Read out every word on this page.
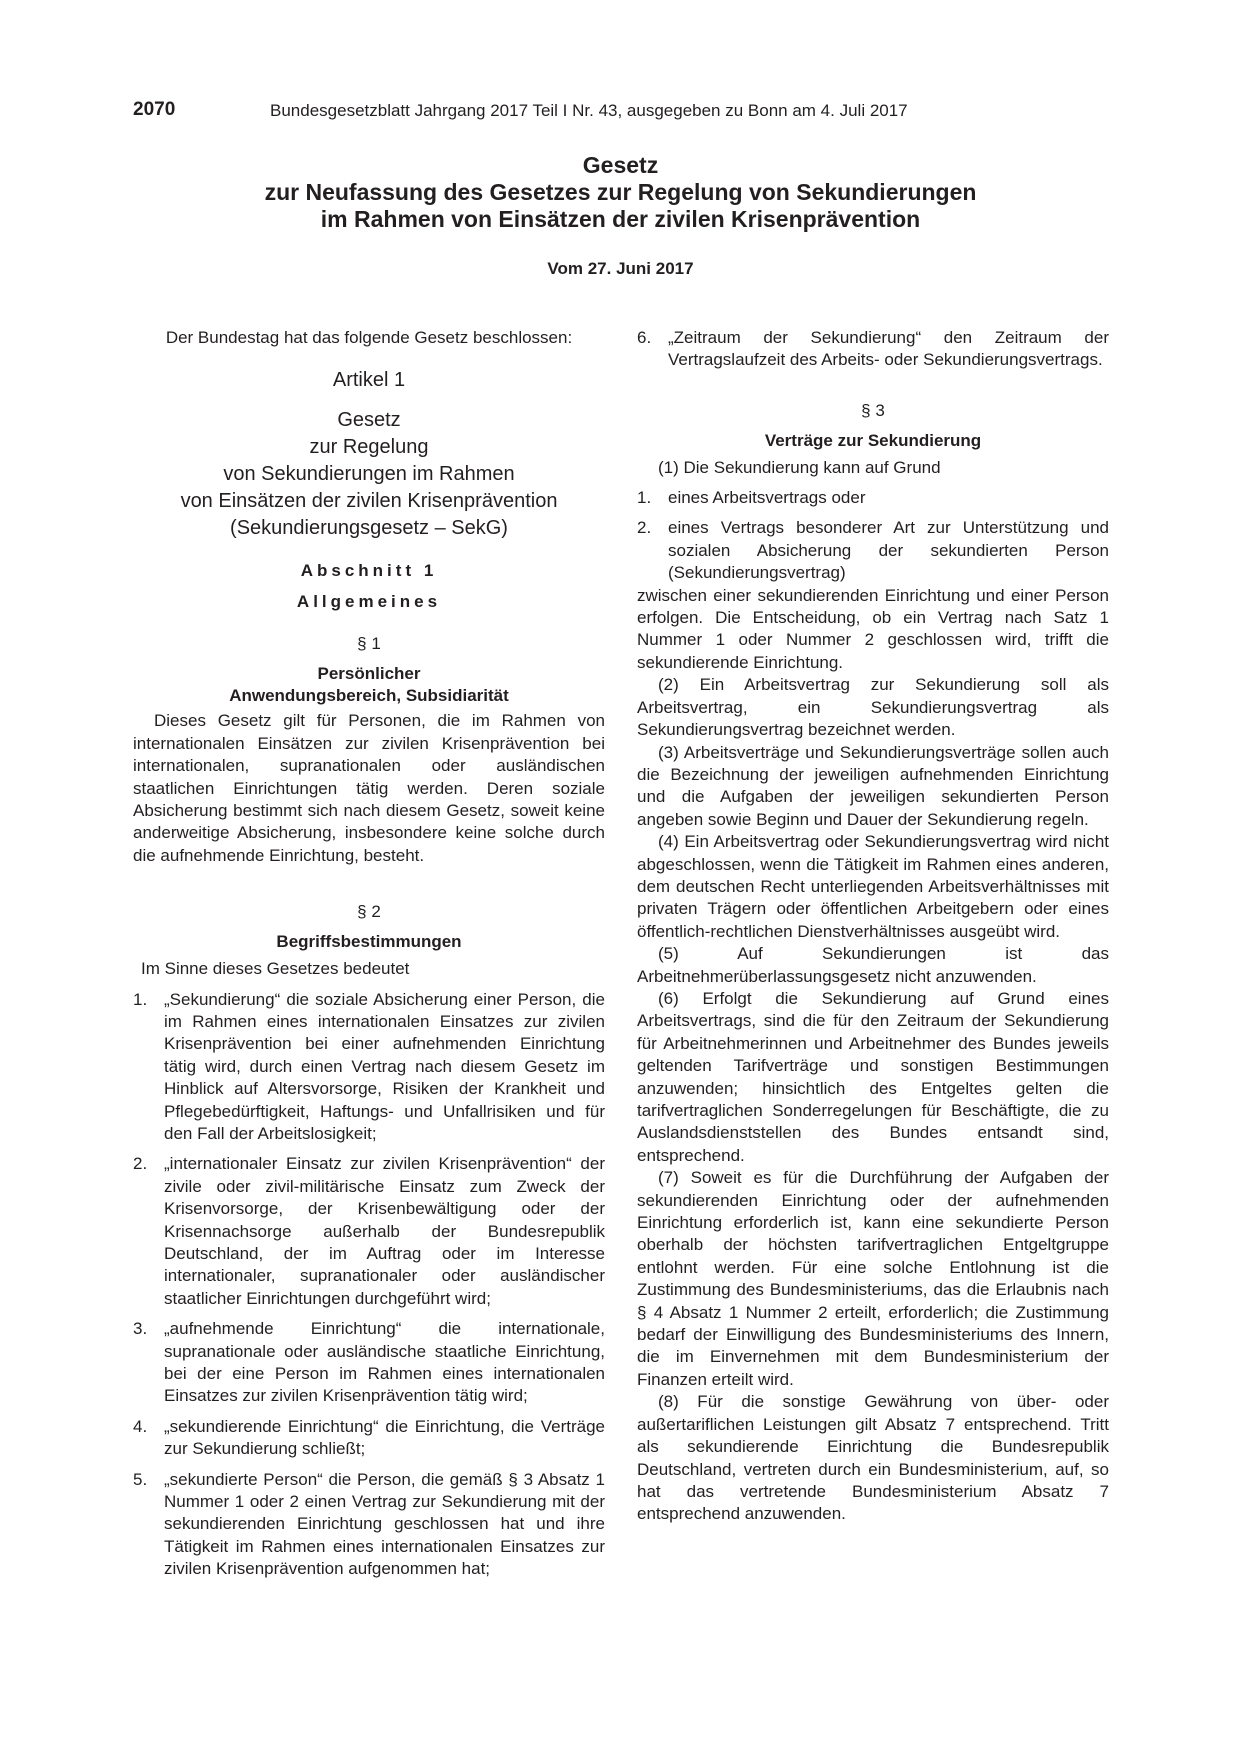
2070	Bundesgesetzblatt Jahrgang 2017 Teil I Nr. 43, ausgegeben zu Bonn am 4. Juli 2017
Gesetz
zur Neufassung des Gesetzes zur Regelung von Sekundierungen
im Rahmen von Einsätzen der zivilen Krisenprävention
Vom 27. Juni 2017

Der Bundestag hat das folgende Gesetz beschlossen:

Artikel 1

Gesetz

zur Regelung

von Sekundierungen im Rahmen

von Einsätzen der zivilen Krisenprävention

(Sekundierungsgesetz – SekG)

Abschnitt 1

Allgemeines

§ 1

Persönlicher

Anwendungsbereich, Subsidiarität

Dieses Gesetz gilt für Personen, die im Rahmen von internationalen Einsätzen zur zivilen Krisenprävention bei internationalen, supranationalen oder ausländischen staatlichen Einrichtungen tätig werden. Deren soziale Absicherung bestimmt sich nach diesem Gesetz, soweit keine anderweitige Absicherung, insbesondere keine solche durch die aufnehmende Einrichtung, besteht.

§ 2

Begriffsbestimmungen

Im Sinne dieses Gesetzes bedeutet

1. „Sekundierung“ die soziale Absicherung einer Person, die im Rahmen eines internationalen Einsatzes zur zivilen Krisenprävention bei einer aufnehmenden Einrichtung tätig wird, durch einen Vertrag nach diesem Gesetz im Hinblick auf Altersvorsorge, Risiken der Krankheit und Pflegebedürftigkeit, Haftungs- und Unfallrisiken und für den Fall der Arbeitslosigkeit;
2. „internationaler Einsatz zur zivilen Krisenprävention“ der zivile oder zivil-militärische Einsatz zum Zweck der Krisenvorsorge, der Krisenbewältigung oder der Krisennachsorge außerhalb der Bundesrepublik Deutschland, der im Auftrag oder im Interesse internationaler, supranationaler oder ausländischer staatlicher Einrichtungen durchgeführt wird;
3. „aufnehmende Einrichtung“ die internationale, supranationale oder ausländische staatliche Einrichtung, bei der eine Person im Rahmen eines internationalen Einsatzes zur zivilen Krisenprävention tätig wird;
4. „sekundierende Einrichtung“ die Einrichtung, die Verträge zur Sekundierung schließt;
5. „sekundierte Person“ die Person, die gemäß § 3 Absatz 1 Nummer 1 oder 2 einen Vertrag zur Sekundierung mit der sekundierenden Einrichtung geschlossen hat und ihre Tätigkeit im Rahmen eines internationalen Einsatzes zur zivilen Krisenprävention aufgenommen hat;
6. „Zeitraum der Sekundierung“ den Zeitraum der Vertragslaufzeit des Arbeits- oder Sekundierungsvertrags.

§ 3

Verträge zur Sekundierung

(1) Die Sekundierung kann auf Grund

1. eines Arbeitsvertrags oder
2. eines Vertrags besonderer Art zur Unterstützung und sozialen Absicherung der sekundierten Person (Sekundierungsvertrag)

zwischen einer sekundierenden Einrichtung und einer Person erfolgen. Die Entscheidung, ob ein Vertrag nach Satz 1 Nummer 1 oder Nummer 2 geschlossen wird, trifft die sekundierende Einrichtung.

(2) Ein Arbeitsvertrag zur Sekundierung soll als Arbeitsvertrag, ein Sekundierungsvertrag als Sekundierungsvertrag bezeichnet werden.

(3) Arbeitsverträge und Sekundierungsverträge sollen auch die Bezeichnung der jeweiligen aufnehmenden Einrichtung und die Aufgaben der jeweiligen sekundierten Person angeben sowie Beginn und Dauer der Sekundierung regeln.

(4) Ein Arbeitsvertrag oder Sekundierungsvertrag wird nicht abgeschlossen, wenn die Tätigkeit im Rahmen eines anderen, dem deutschen Recht unterliegenden Arbeitsverhältnisses mit privaten Trägern oder öffentlichen Arbeitgebern oder eines öffentlich-rechtlichen Dienstverhältnisses ausgeübt wird.

(5) Auf Sekundierungen ist das Arbeitnehmerüberlassungsgesetz nicht anzuwenden.

(6) Erfolgt die Sekundierung auf Grund eines Arbeitsvertrags, sind die für den Zeitraum der Sekundierung für Arbeitnehmerinnen und Arbeitnehmer des Bundes jeweils geltenden Tarifverträge und sonstigen Bestimmungen anzuwenden; hinsichtlich des Entgeltes gelten die tarifvertraglichen Sonderregelungen für Beschäftigte, die zu Auslandsdienststellen des Bundes entsandt sind, entsprechend.

(7) Soweit es für die Durchführung der Aufgaben der sekundierenden Einrichtung oder der aufnehmenden Einrichtung erforderlich ist, kann eine sekundierte Person oberhalb der höchsten tarifvertraglichen Entgeltgruppe entlohnt werden. Für eine solche Entlohnung ist die Zustimmung des Bundesministeriums, das die Erlaubnis nach § 4 Absatz 1 Nummer 2 erteilt, erforderlich; die Zustimmung bedarf der Einwilligung des Bundesministeriums des Innern, die im Einvernehmen mit dem Bundesministerium der Finanzen erteilt wird.

(8) Für die sonstige Gewährung von über- oder außertariflichen Leistungen gilt Absatz 7 entsprechend. Tritt als sekundierende Einrichtung die Bundesrepublik Deutschland, vertreten durch ein Bundesministerium, auf, so hat das vertretende Bundesministerium Absatz 7 entsprechend anzuwenden.
